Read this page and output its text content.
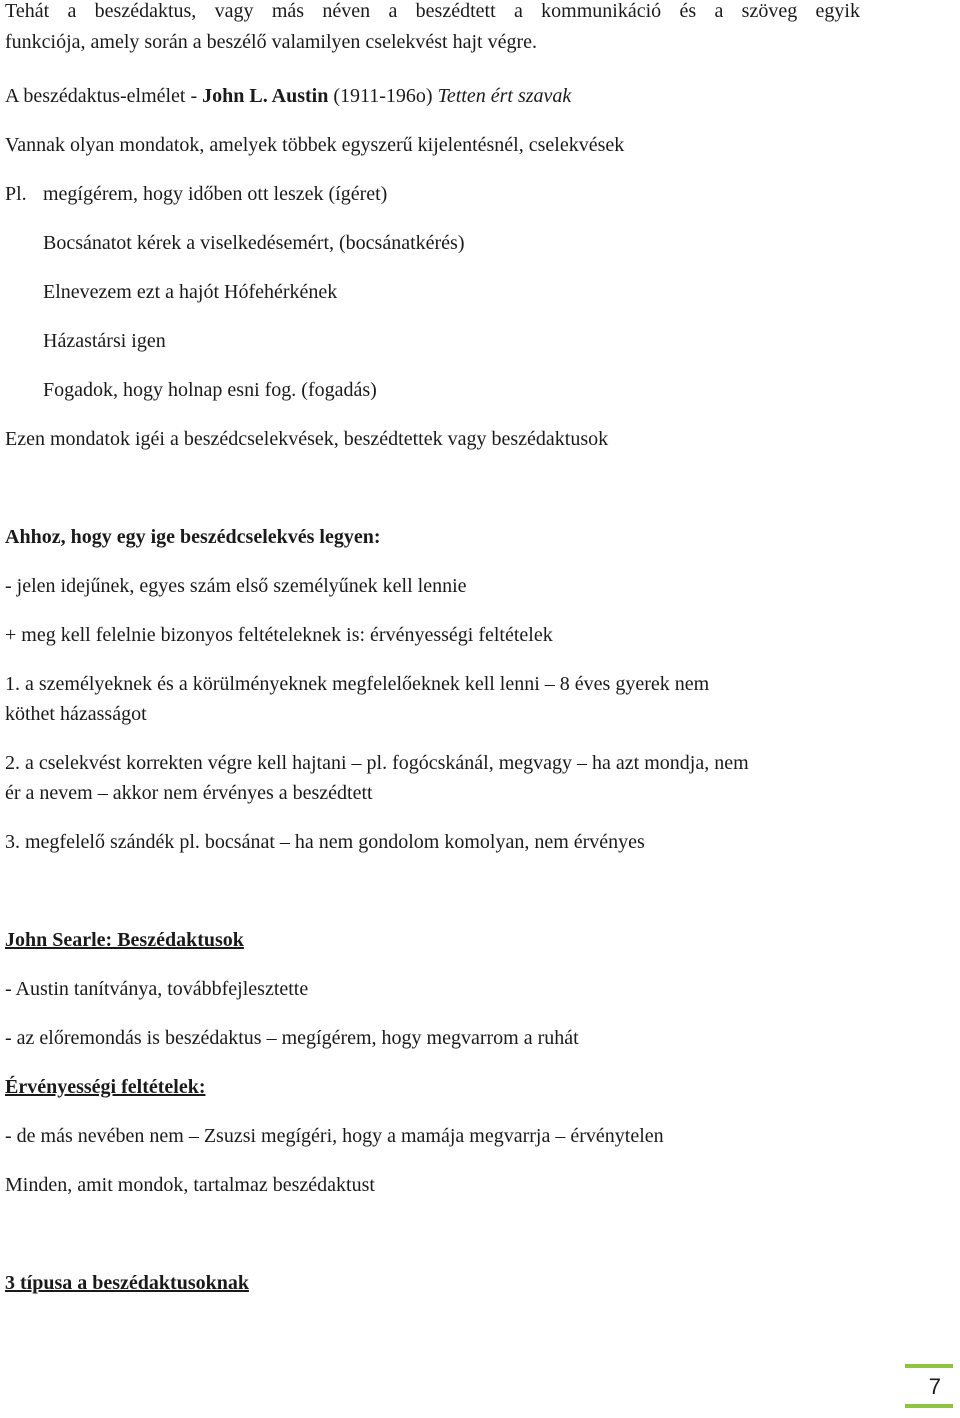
Tehát a beszédaktus, vagy más néven a beszédtett a kommunikáció és a szöveg egyik
funkciója, amely során a beszélő valamilyen cselekvést hajt végre.
A beszédaktus-elmélet - John L. Austin (1911-196o) Tetten ért szavak
Vannak olyan mondatok, amelyek többek egyszerű kijelentésnél, cselekvések
Pl. megígérem, hogy időben ott leszek (ígéret)
Bocsánatot kérek a viselkedésemért, (bocsánatkérés)
Elnevezem ezt a hajót Hófehérkének
Házastársi igen
Fogadok, hogy holnap esni fog. (fogadás)
Ezen mondatok igéi a beszédcselekvések, beszédtettek vagy beszédaktusok
Ahhoz, hogy egy ige beszédcselekvés legyen:
- jelen idejűnek, egyes szám első személyűnek kell lennie
+ meg kell felelnie bizonyos feltételeknek is: érvényességi feltételek
1. a személyeknek és a körülményeknek megfelelőeknek kell lenni – 8 éves gyerek nem
köthet házasságot
2. a cselekvést korrekten végre kell hajtani – pl. fogócskánál, megvagy – ha azt mondja, nem
ér a nevem – akkor nem érvényes a beszédtett
3. megfelelő szándék pl. bocsánat – ha nem gondolom komolyan, nem érvényes
John Searle: Beszédaktusok
- Austin tanítványa, továbbfejlesztette
- az előremondás is beszédaktus – megígérem, hogy megvarrom a ruhát
Érvényességi feltételek:
- de más nevében nem – Zsuzsi megígéri, hogy a mamája megvarrja – érvénytelen
Minden, amit mondok, tartalmaz beszédaktust
3 típusa a beszédaktusoknak
7
